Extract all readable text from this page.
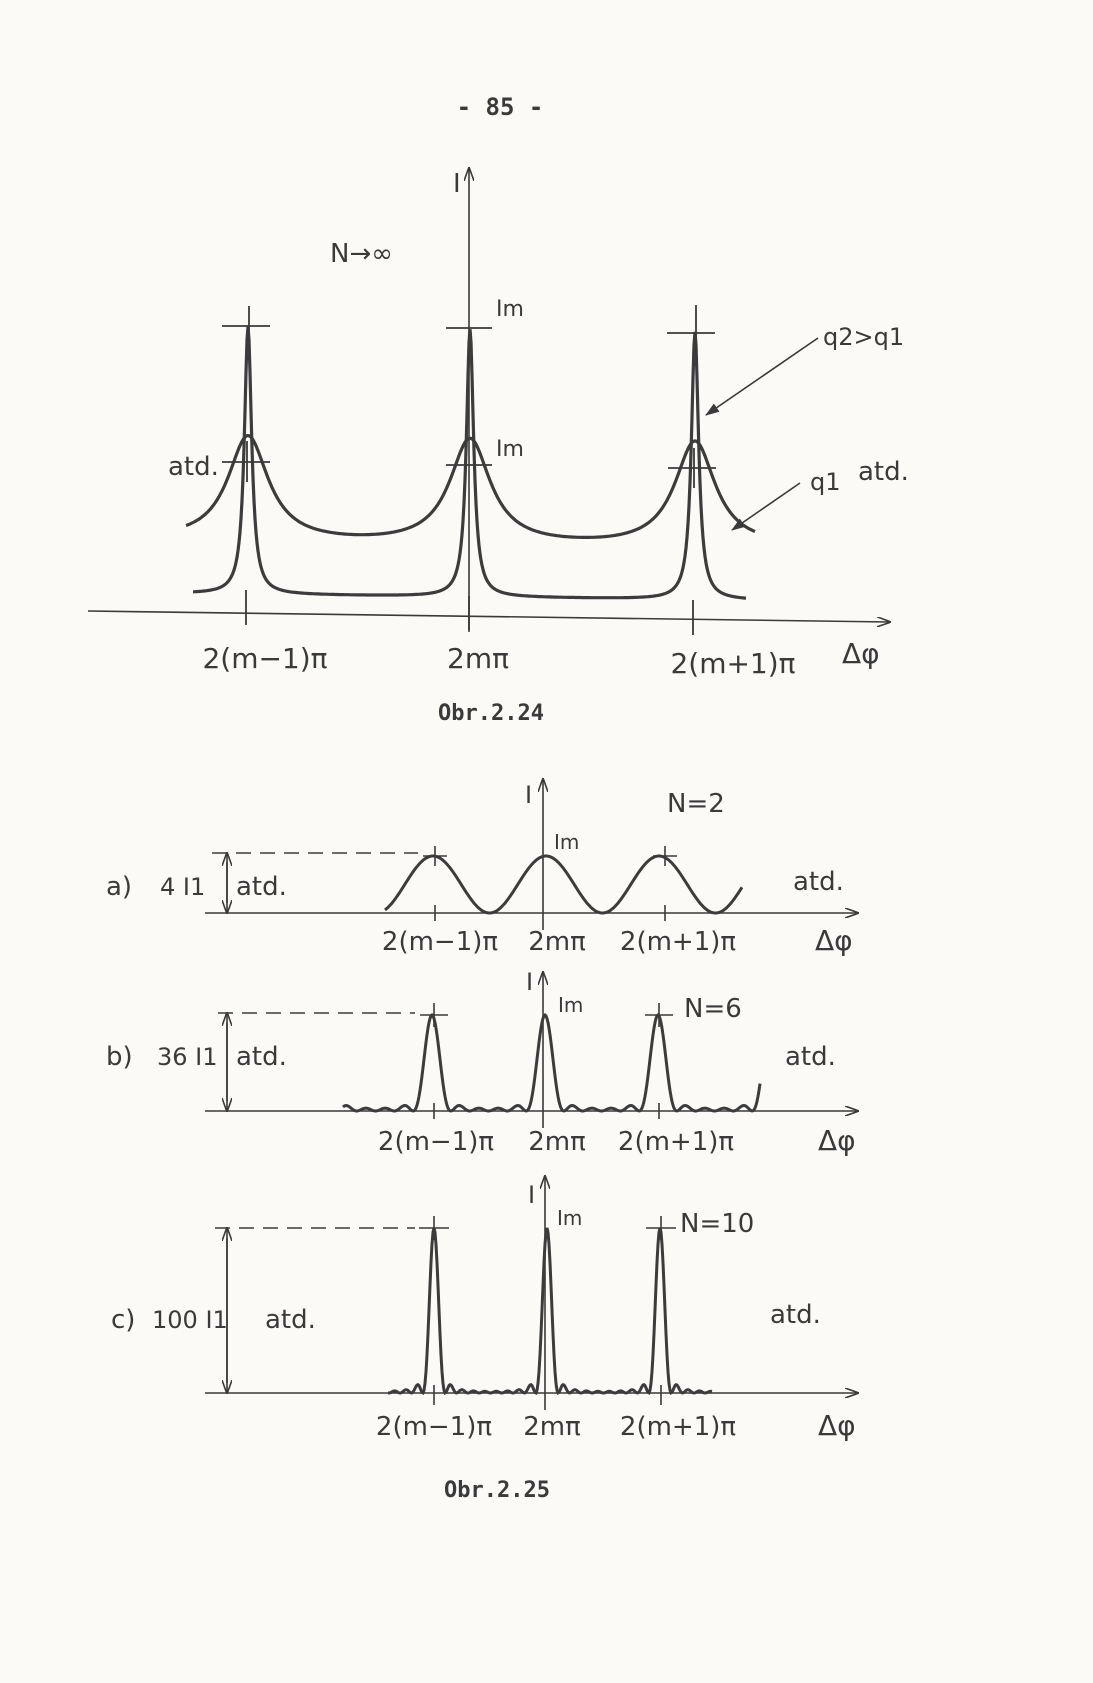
- 85 -
I
N→∞
Im
Im
atd.	atd.
q2>q1
q1
2(m−1)π	2mπ	2(m+1)π Δφ
Obr.2.24
I
a) 4 I1 atd.	atd.
N=2
Im
2(m−1)π 2mπ 2(m+1)π	Δφ
I
b) 36 I1 atd.	atd.
N=6
Im
2(m−1)π 2mπ 2(m+1)π	Δφ
I
c) 100 I1 atd.	atd.
N=10
Im
2(m−1)π 2mπ 2(m+1)π	Δφ
Obr.2.25
